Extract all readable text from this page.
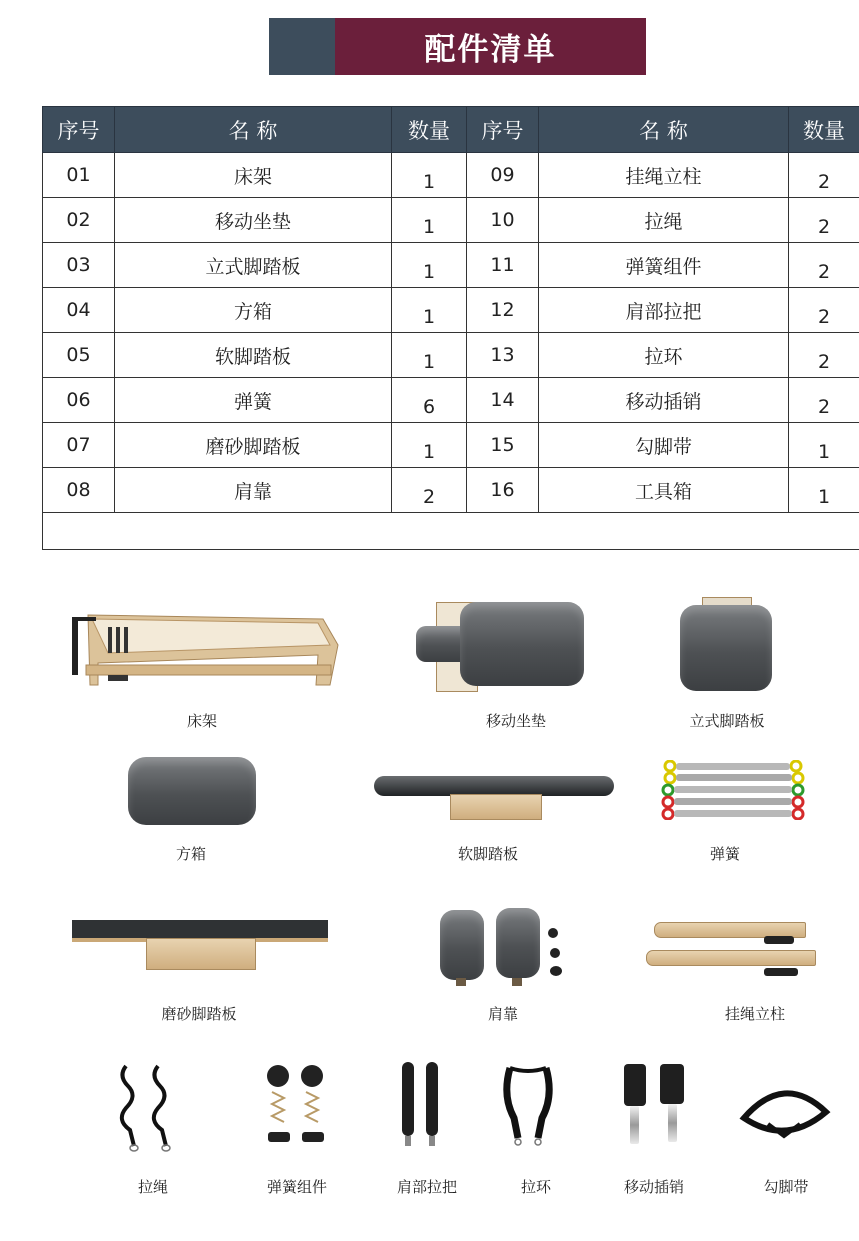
配件清单
序号	名 称	数量	序号	名 称	数量
01	床架	1	09	挂绳立柱	2
02	移动坐垫	1	10	拉绳	2
03	立式脚踏板	1	11	弹簧组件	2
04	方箱	1	12	肩部拉把	2
05	软脚踏板	1	13	拉环	2
06	弹簧	6	14	移动插销	2
07	磨砂脚踏板	1	15	勾脚带	1
08	肩靠	2	16	工具箱	1

床架	移动坐垫	立式脚踏板
方箱	软脚踏板	弹簧
磨砂脚踏板	肩靠	挂绳立柱
拉绳	弹簧组件	肩部拉把	拉环	移动插销	勾脚带
